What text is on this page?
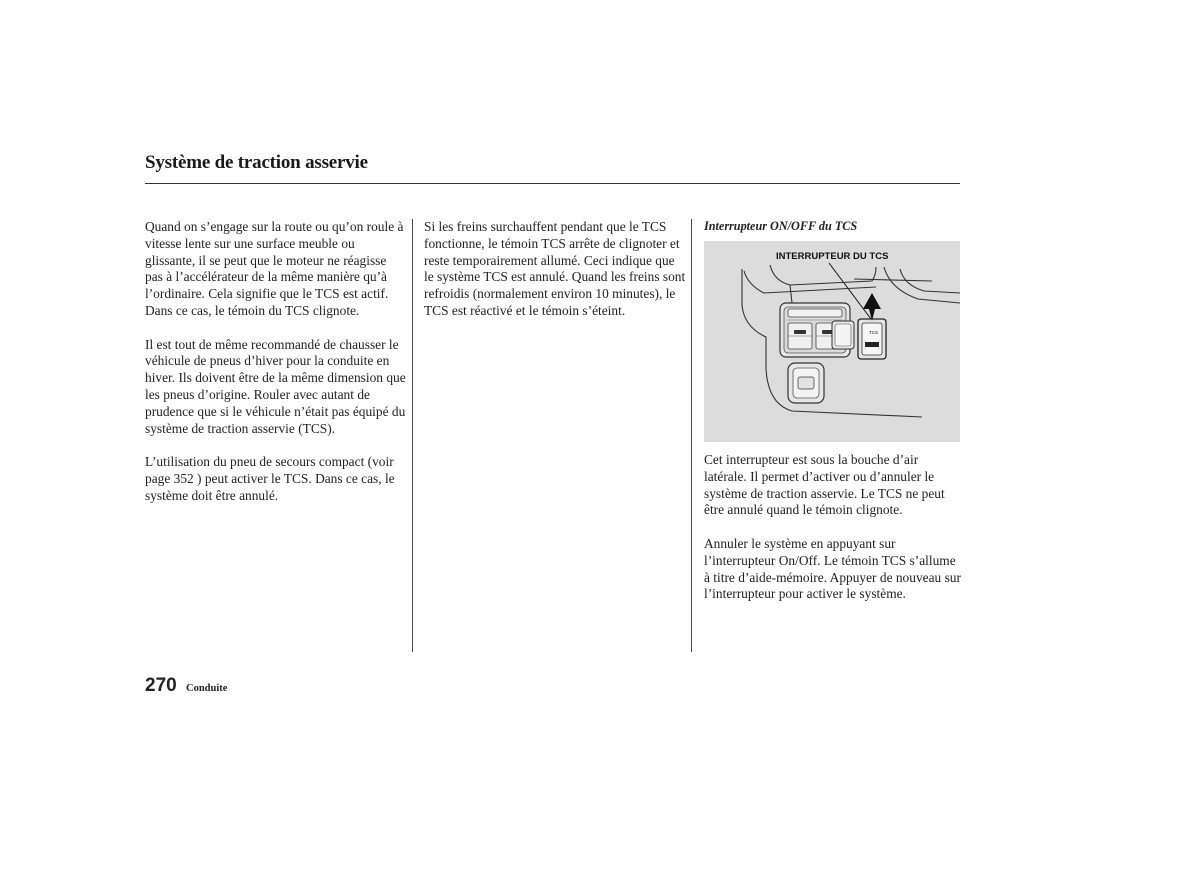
Système de traction asservie

Quand on s’engage sur la route ou qu’on roule à vitesse lente sur une surface meuble ou glissante, il se peut que le moteur ne réagisse pas à l’accélérateur de la même manière qu’à l’ordinaire. Cela signifie que le TCS est actif. Dans ce cas, le témoin du TCS clignote.

Il est tout de même recommandé de chausser le véhicule de pneus d’hiver pour la conduite en hiver. Ils doivent être de la même dimension que les pneus d’origine. Rouler avec autant de prudence que si le véhicule n’était pas équipé du système de traction asservie (TCS).

L’utilisation du pneu de secours compact (voir page 352 ) peut activer le TCS. Dans ce cas, le système doit être annulé.

Si les freins surchauffent pendant que le TCS fonctionne, le témoin TCS arrête de clignoter et reste temporairement allumé. Ceci indique que le système TCS est annulé. Quand les freins sont refroidis (normalement environ 10 minutes), le TCS est réactivé et le témoin s’éteint.

Interrupteur ON/OFF du TCS

INTERRUPTEUR DU TCS
TCS

Cet interrupteur est sous la bouche d’air latérale. Il permet d’activer ou d’annuler le système de traction asservie. Le TCS ne peut être annulé quand le témoin clignote.

Annuler le système en appuyant sur l’interrupteur On/Off. Le témoin TCS s’allume à titre d’aide-mémoire. Appuyer de nouveau sur l’interrupteur pour activer le système.

270 Conduite
